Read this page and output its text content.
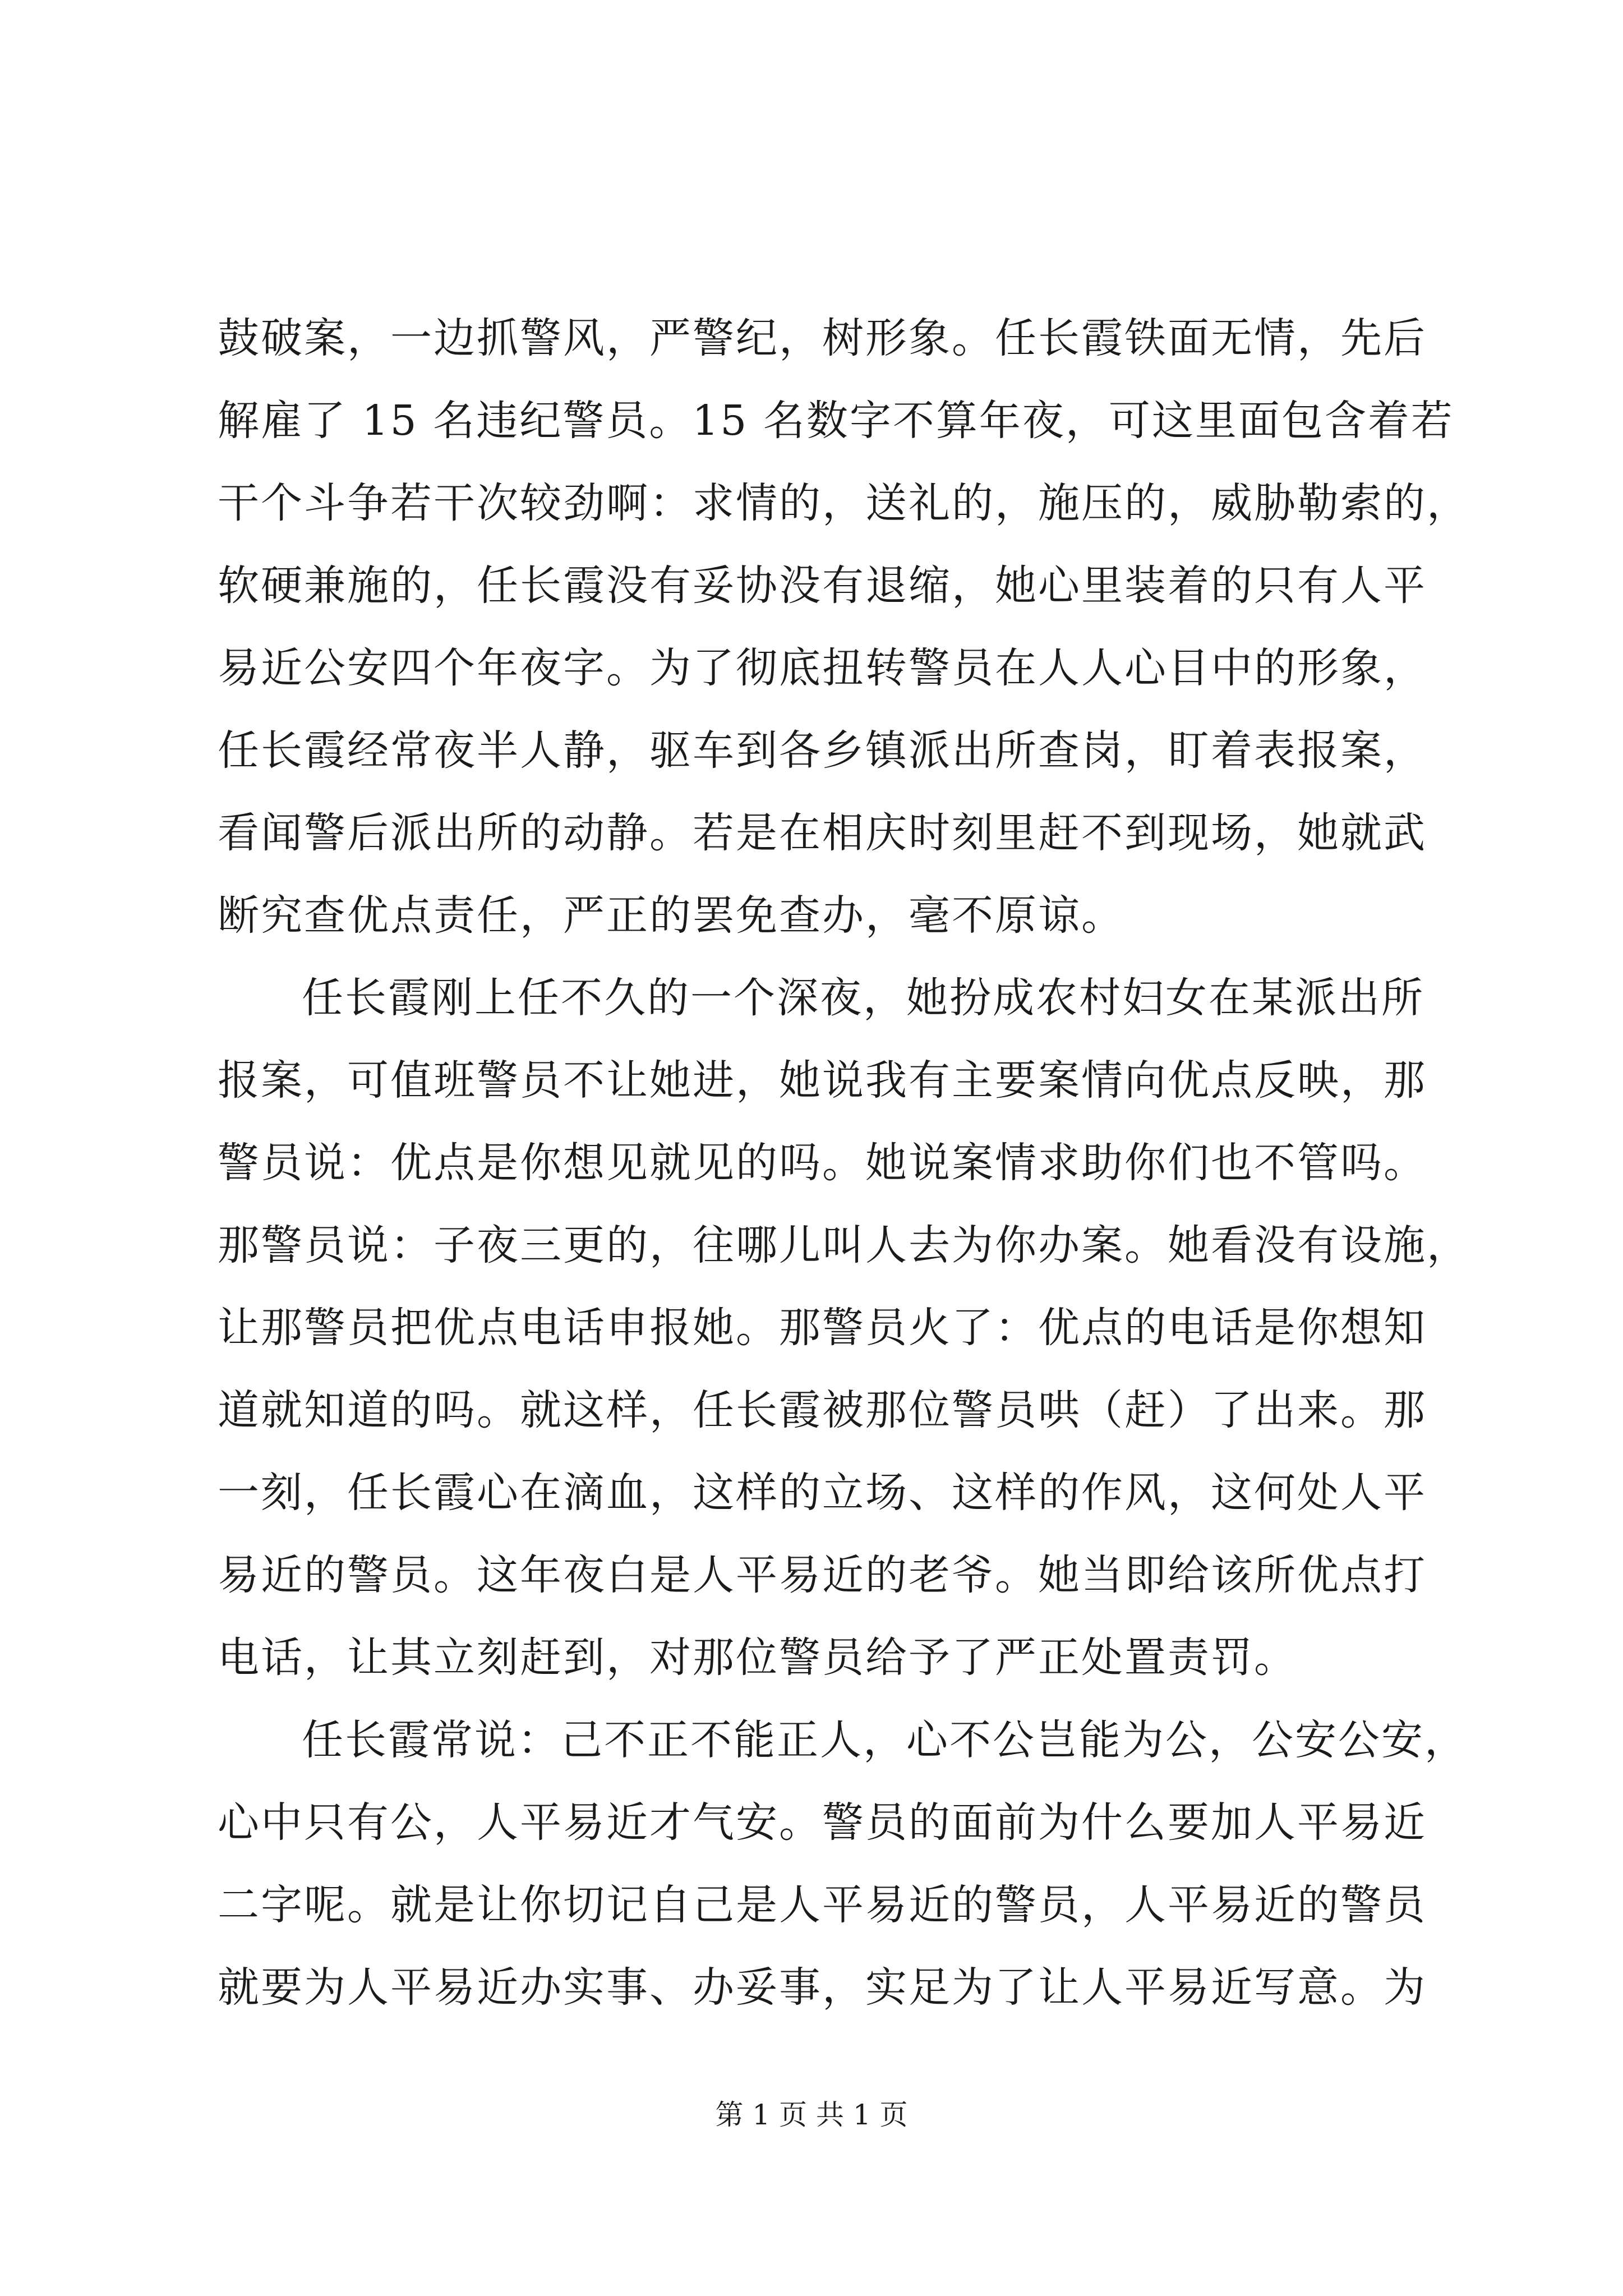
鼓破案，一边抓警风，严警纪，树形象。任长霞铁面无情，先后
解雇了 15 名违纪警员。15 名数字不算年夜，可这里面包含着若
干个斗争若干次较劲啊：求情的，送礼的，施压的，威胁勒索的，
软硬兼施的，任长霞没有妥协没有退缩，她心里装着的只有人平
易近公安四个年夜字。为了彻底扭转警员在人人心目中的形象，
任长霞经常夜半人静，驱车到各乡镇派出所查岗，盯着表报案，
看闻警后派出所的动静。若是在相庆时刻里赶不到现场，她就武
断究查优点责任，严正的罢免查办，毫不原谅。
任长霞刚上任不久的一个深夜，她扮成农村妇女在某派出所
报案，可值班警员不让她进，她说我有主要案情向优点反映，那
警员说：优点是你想见就见的吗。她说案情求助你们也不管吗。
那警员说：子夜三更的，往哪儿叫人去为你办案。她看没有设施，
让那警员把优点电话申报她。那警员火了：优点的电话是你想知
道就知道的吗。就这样，任长霞被那位警员哄（赶）了出来。那
一刻，任长霞心在滴血，这样的立场、这样的作风，这何处人平
易近的警员。这年夜白是人平易近的老爷。她当即给该所优点打
电话，让其立刻赶到，对那位警员给予了严正处置责罚。
任长霞常说：己不正不能正人，心不公岂能为公，公安公安，
心中只有公，人平易近才气安。警员的面前为什么要加人平易近
二字呢。就是让你切记自己是人平易近的警员，人平易近的警员
就要为人平易近办实事、办妥事，实足为了让人平易近写意。为
第 1 页 共 1 页
